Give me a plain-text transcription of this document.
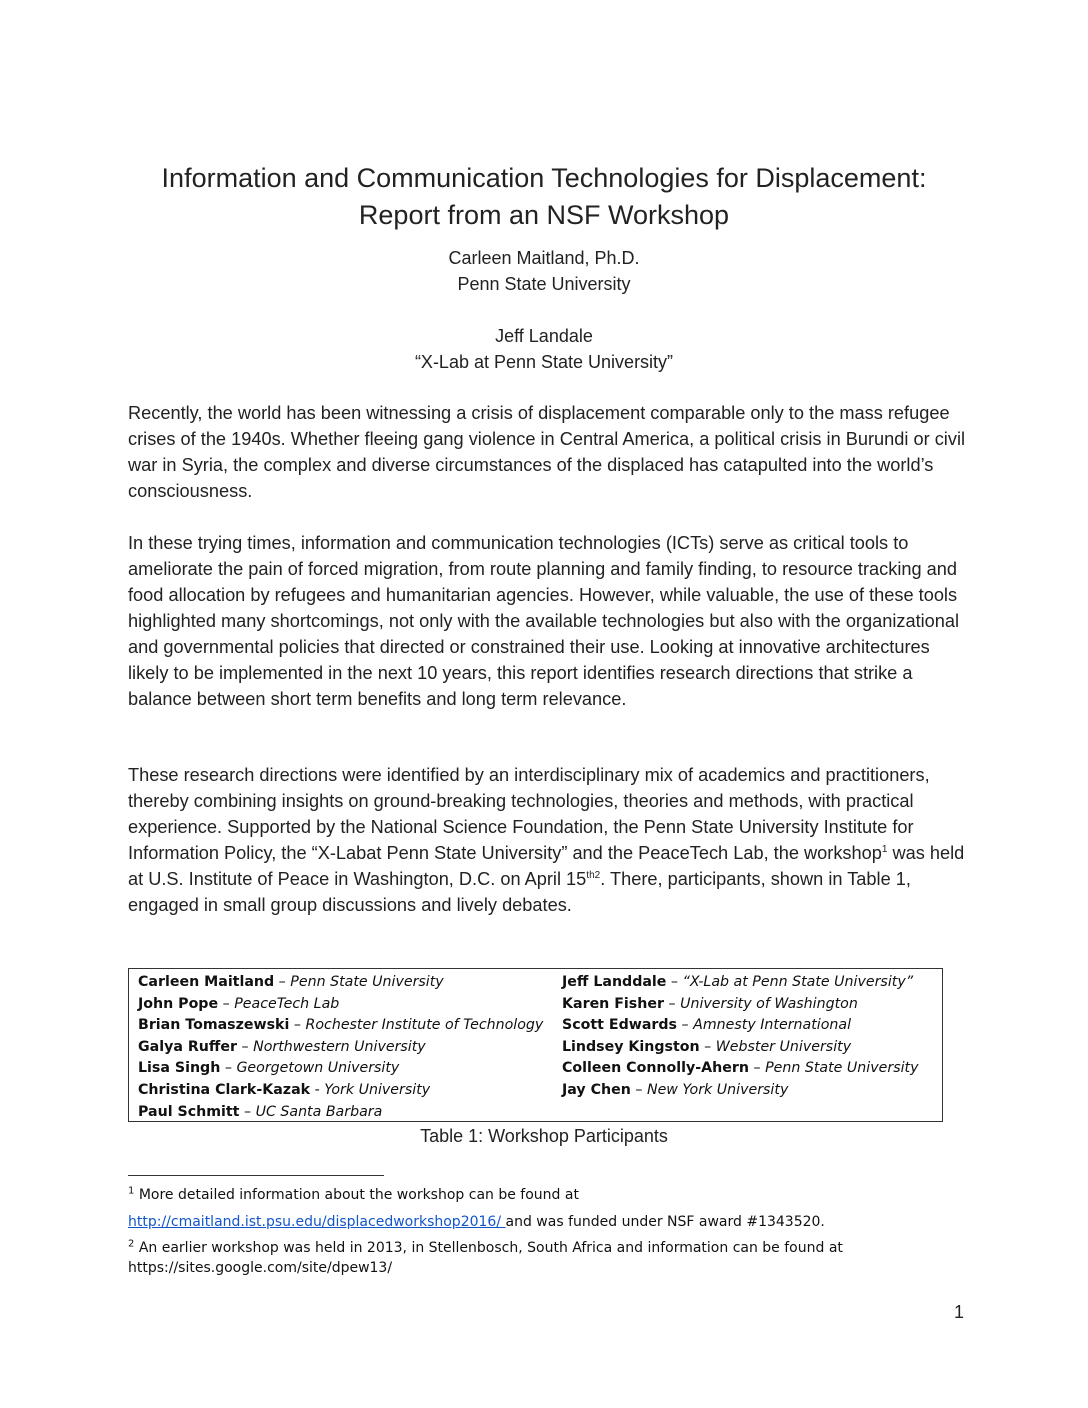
Information and Communication Technologies for Displacement:
Report from an NSF Workshop
Carleen Maitland, Ph.D.
Penn State University
Jeff Landale
“X-Lab at Penn State University”

Recently, the world has been witnessing a crisis of displacement comparable only to the mass refugee crises of the 1940s. Whether fleeing gang violence in Central America, a political crisis in Burundi or civil war in Syria, the complex and diverse circumstances of the displaced has catapulted into the world’s consciousness.

In these trying times, information and communication technologies (ICTs) serve as critical tools to ameliorate the pain of forced migration, from route planning and family finding, to resource tracking and food allocation by refugees and humanitarian agencies. However, while valuable, the use of these tools highlighted many shortcomings, not only with the available technologies but also with the organizational and governmental policies that directed or constrained their use. Looking at innovative architectures likely to be implemented in the next 10 years, this report identifies research directions that strike a balance between short term benefits and long term relevance.

These research directions were identified by an interdisciplinary mix of academics and practitioners, thereby combining insights on ground-breaking technologies, theories and methods, with practical experience. Supported by the National Science Foundation, the Penn State University Institute for Information Policy, the “X-Labat Penn State University” and the PeaceTech Lab, the workshop$^1$ was held at U.S. Institute of Peace in Washington, D.C. on April 15$^{th2}$. There, participants, shown in Table 1, engaged in small group discussions and lively debates.

Carleen Maitland – Penn State University
John Pope – PeaceTech Lab
Brian Tomaszewski – Rochester Institute of Technology
Galya Ruffer – Northwestern University
Lisa Singh – Georgetown University
Christina Clark-Kazak - York University
Paul Schmitt – UC Santa Barbara
Jeff Landdale – “X-Lab at Penn State University”
Karen Fisher – University of Washington
Scott Edwards – Amnesty International
Lindsey Kingston – Webster University
Colleen Connolly-Ahern – Penn State University
Jay Chen – New York University
Table 1: Workshop Participants
$^1$ More detailed information about the workshop can be found at
http://cmaitland.ist.psu.edu/displacedworkshop2016/ and was funded under NSF award #1343520.
$^2$ An earlier workshop was held in 2013, in Stellenbosch, South Africa and information can be found at
https://sites.google.com/site/dpew13/
1
